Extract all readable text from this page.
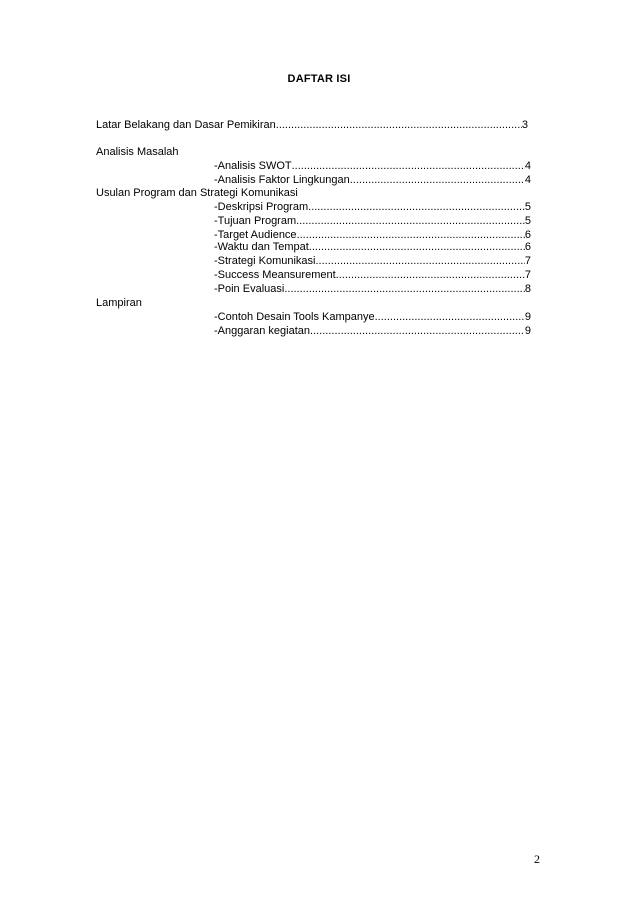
DAFTAR ISI
Latar Belakang dan Dasar Pemikiran .....	3
Analisis Masalah
-Analisis SWOT .....	4
-Analisis Faktor Lingkungan .....	4
Usulan Program dan Strategi Komunikasi
-Deskripsi Program .....	5
-Tujuan Program .....	5
-Target Audience .....	6
-Waktu dan Tempat .....	6
-Strategi Komunikasi .....	7
-Success Meansurement .....	7
-Poin Evaluasi .....	8
Lampiran
-Contoh Desain Tools Kampanye .....	9
-Anggaran kegiatan .....	9
2
